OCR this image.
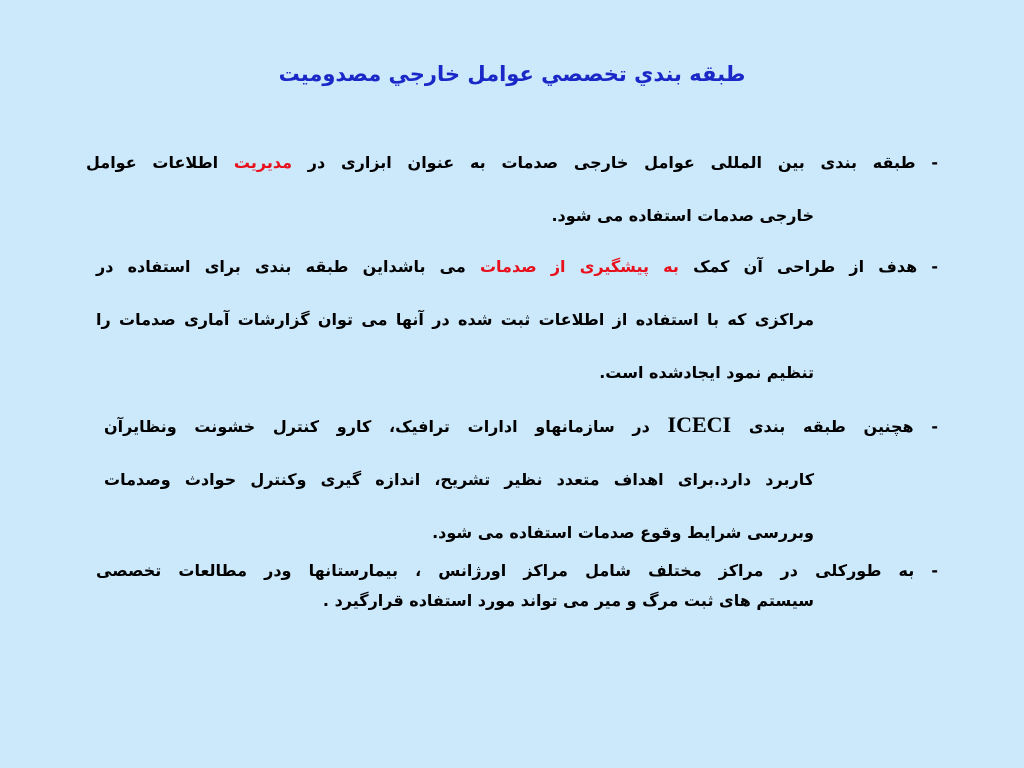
طبقه بندي تخصصي عوامل خارجي مصدوميت
- طبقه بندی بین المللی عوامل خارجی صدمات به عنوان ابزاری در مدیریت اطلاعات عوامل
خارجی صدمات استفاده می شود.
- هدف از طراحی آن کمک به پیشگیری از صدمات می باشداین طبقه بندی برای استفاده در
مراکزی که با استفاده از اطلاعات ثبت شده در آنها می توان گزارشات آماری صدمات را
تنظیم نمود ایجادشده است.
- هچنین طبقه بندی ICECI در سازمانهاو ادارات ترافیک، کارو کنترل خشونت ونظایرآن
کاربرد دارد.برای اهداف متعدد نظیر تشریح، اندازه گیری وکنترل حوادث وصدمات
وبررسی شرایط وقوع صدمات استفاده می شود.
- به طورکلی در مراکز مختلف شامل مراکز اورژانس ، بیمارستانها ودر مطالعات تخصصی
سیستم های ثبت مرگ و میر می تواند مورد استفاده قرارگیرد .
